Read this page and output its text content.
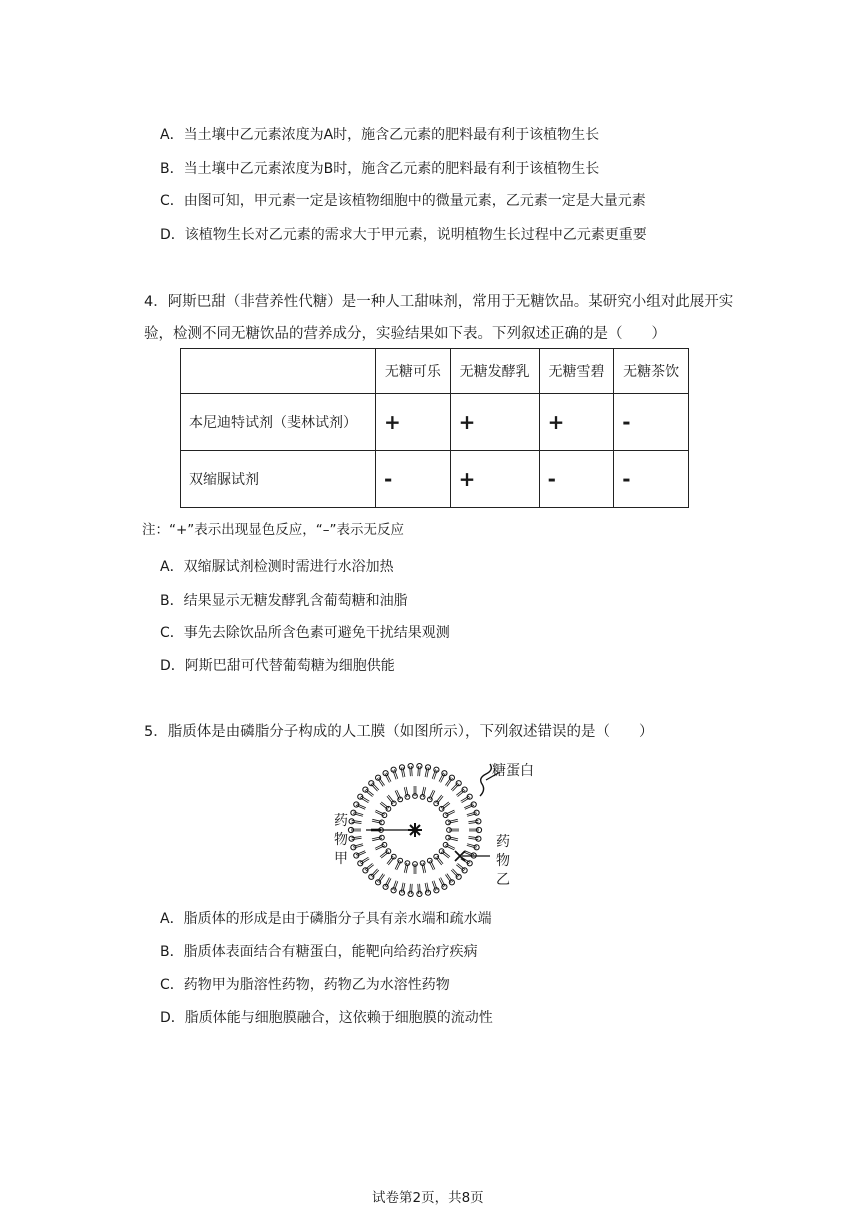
A．当土壤中乙元素浓度为A时，施含乙元素的肥料最有利于该植物生长
B．当土壤中乙元素浓度为B时，施含乙元素的肥料最有利于该植物生长
C．由图可知，甲元素一定是该植物细胞中的微量元素，乙元素一定是大量元素
D．该植物生长对乙元素的需求大于甲元素，说明植物生长过程中乙元素更重要
4．阿斯巴甜（非营养性代糖）是一种人工甜味剂，常用于无糖饮品。某研究小组对此展开实
验，检测不同无糖饮品的营养成分，实验结果如下表。下列叙述正确的是（　　）
	无糖可乐	无糖发酵乳	无糖雪碧	无糖茶饮
本尼迪特试剂（斐林试剂）	+	+	+	-
双缩脲试剂	-	+	-	-
注：“+”表示出现显色反应，“–”表示无反应
A．双缩脲试剂检测时需进行水浴加热
B．结果显示无糖发酵乳含葡萄糖和油脂
C．事先去除饮品所含色素可避免干扰结果观测
D．阿斯巴甜可代替葡萄糖为细胞供能
5．脂质体是由磷脂分子构成的人工膜（如图所示），下列叙述错误的是（　　）
糖蛋白
药
物
甲
药
物
乙
A．脂质体的形成是由于磷脂分子具有亲水端和疏水端
B．脂质体表面结合有糖蛋白，能靶向给药治疗疾病
C．药物甲为脂溶性药物，药物乙为水溶性药物
D．脂质体能与细胞膜融合，这依赖于细胞膜的流动性
试卷第2页，共8页
